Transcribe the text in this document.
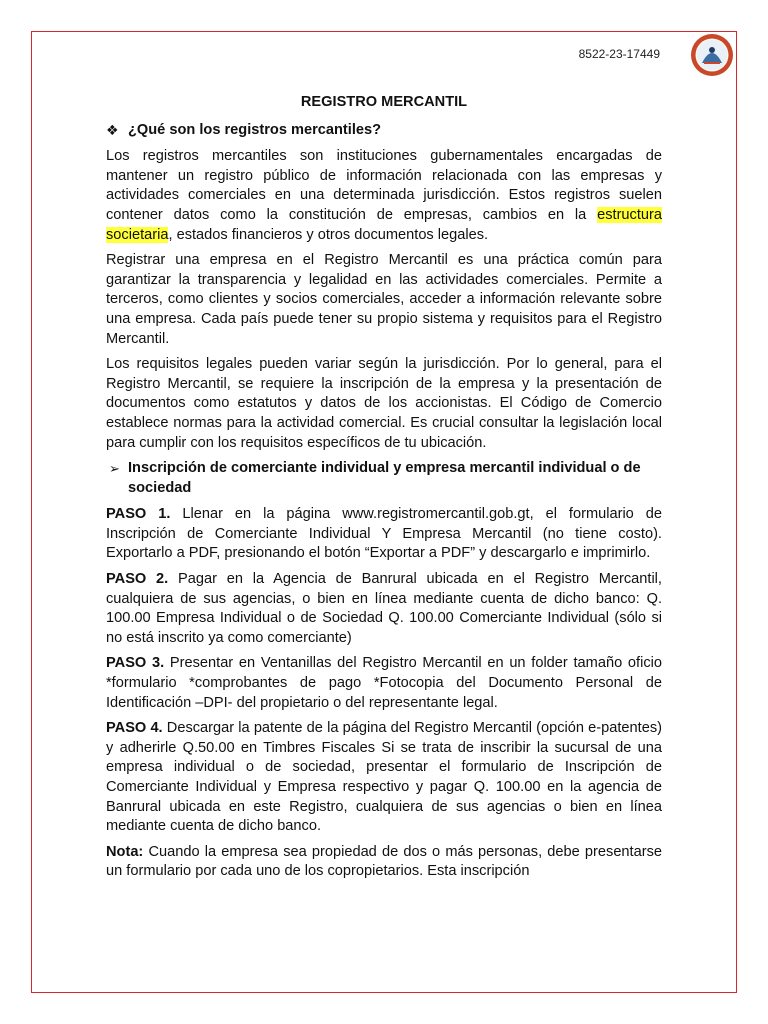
8522-23-17449
REGISTRO MERCANTIL
❖ ¿Qué son los registros mercantiles?

Los registros mercantiles son instituciones gubernamentales encargadas de mantener un registro público de información relacionada con las empresas y actividades comerciales en una determinada jurisdicción. Estos registros suelen contener datos como la constitución de empresas, cambios en la estructura societaria, estados financieros y otros documentos legales.

Registrar una empresa en el Registro Mercantil es una práctica común para garantizar la transparencia y legalidad en las actividades comerciales. Permite a terceros, como clientes y socios comerciales, acceder a información relevante sobre una empresa. Cada país puede tener su propio sistema y requisitos para el Registro Mercantil.

Los requisitos legales pueden variar según la jurisdicción. Por lo general, para el Registro Mercantil, se requiere la inscripción de la empresa y la presentación de documentos como estatutos y datos de los accionistas. El Código de Comercio establece normas para la actividad comercial. Es crucial consultar la legislación local para cumplir con los requisitos específicos de tu ubicación.

➢ Inscripción de comerciante individual y empresa mercantil individual o de sociedad

PASO 1. Llenar en la página www.registromercantil.gob.gt, el formulario de Inscripción de Comerciante Individual Y Empresa Mercantil (no tiene costo). Exportarlo a PDF, presionando el botón “Exportar a PDF” y descargarlo e imprimirlo.

PASO 2. Pagar en la Agencia de Banrural ubicada en el Registro Mercantil, cualquiera de sus agencias, o bien en línea mediante cuenta de dicho banco: Q. 100.00 Empresa Individual o de Sociedad Q. 100.00 Comerciante Individual (sólo si no está inscrito ya como comerciante)

PASO 3. Presentar en Ventanillas del Registro Mercantil en un folder tamaño oficio *formulario *comprobantes de pago *Fotocopia del Documento Personal de Identificación –DPI- del propietario o del representante legal.

PASO 4. Descargar la patente de la página del Registro Mercantil (opción e-patentes) y adherirle Q.50.00 en Timbres Fiscales Si se trata de inscribir la sucursal de una empresa individual o de sociedad, presentar el formulario de Inscripción de Comerciante Individual y Empresa respectivo y pagar Q. 100.00 en la agencia de Banrural ubicada en este Registro, cualquiera de sus agencias o bien en línea mediante cuenta de dicho banco.

Nota: Cuando la empresa sea propiedad de dos o más personas, debe presentarse un formulario por cada uno de los copropietarios. Esta inscripción
